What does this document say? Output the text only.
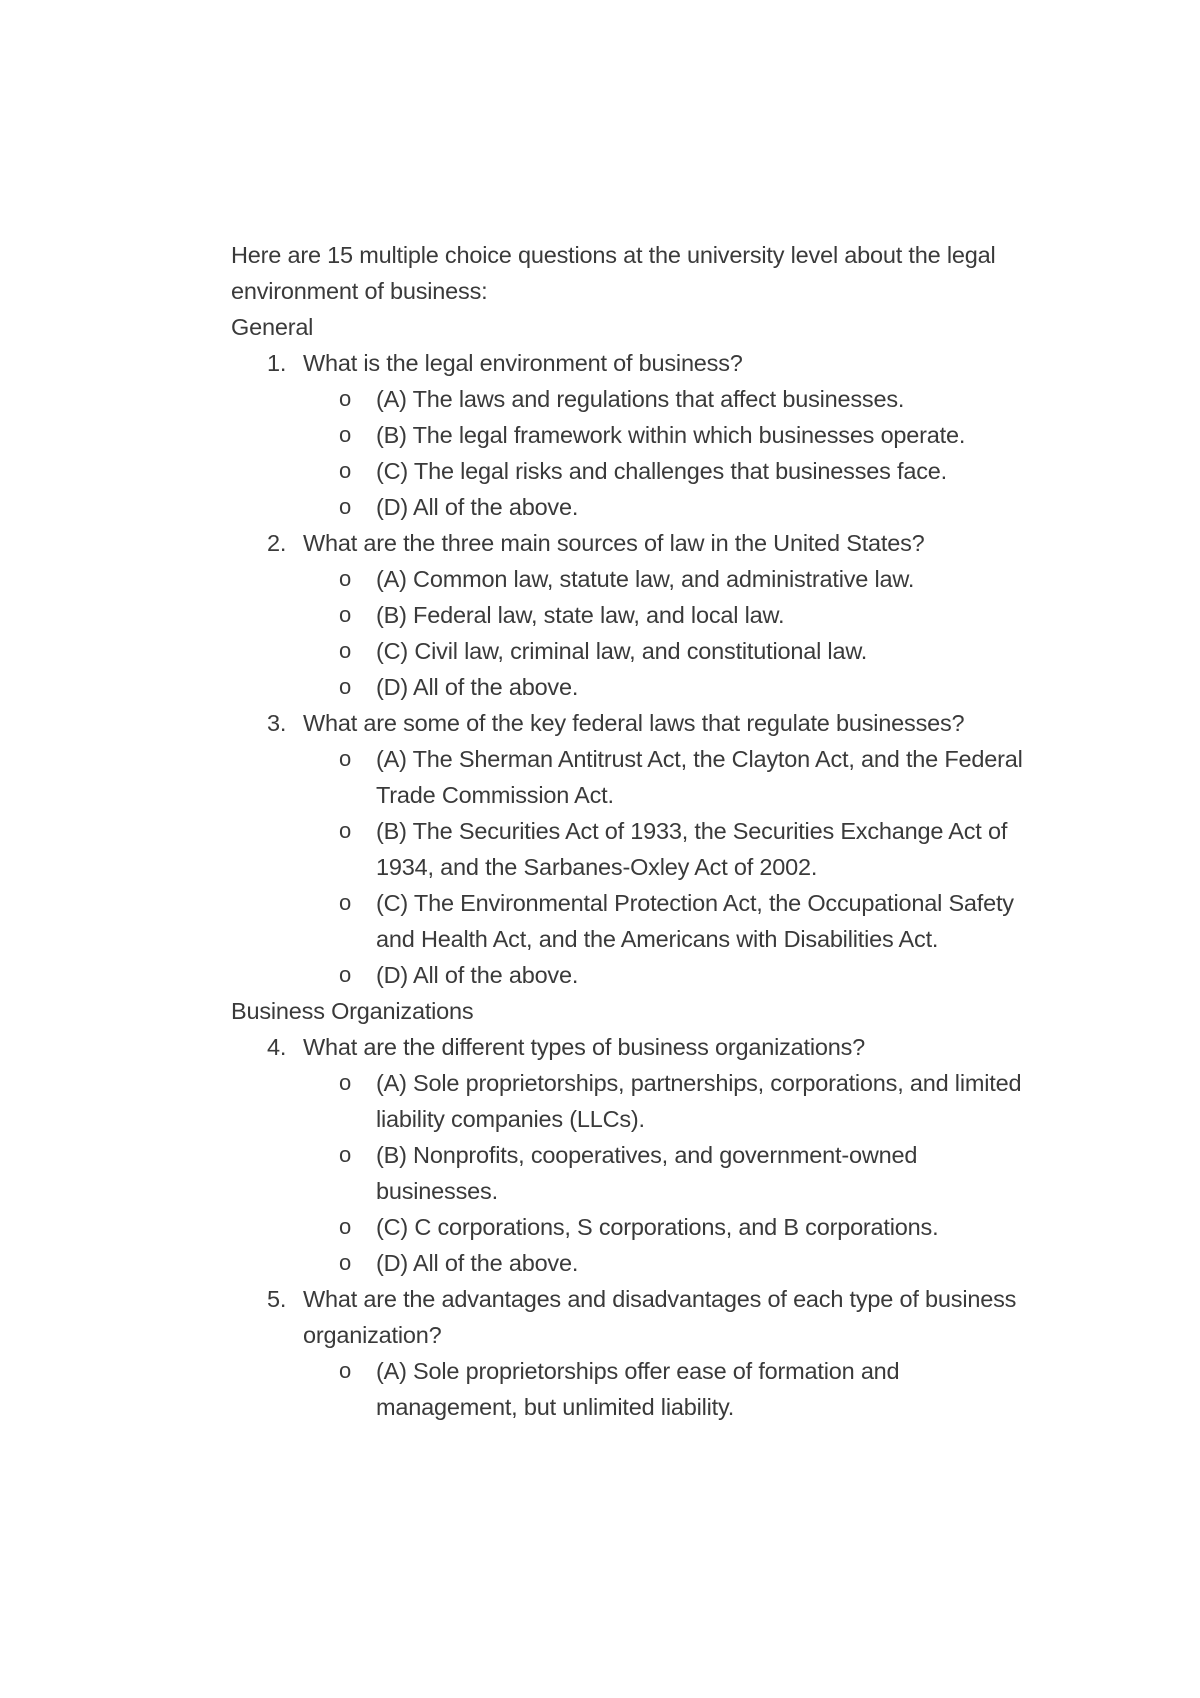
Here are 15 multiple choice questions at the university level about the legal environment of business:

General

1. What is the legal environment of business?
o (A) The laws and regulations that affect businesses.
o (B) The legal framework within which businesses operate.
o (C) The legal risks and challenges that businesses face.
o (D) All of the above.
2. What are the three main sources of law in the United States?
o (A) Common law, statute law, and administrative law.
o (B) Federal law, state law, and local law.
o (C) Civil law, criminal law, and constitutional law.
o (D) All of the above.
3. What are some of the key federal laws that regulate businesses?
o (A) The Sherman Antitrust Act, the Clayton Act, and the Federal Trade Commission Act.
o (B) The Securities Act of 1933, the Securities Exchange Act of 1934, and the Sarbanes-Oxley Act of 2002.
o (C) The Environmental Protection Act, the Occupational Safety and Health Act, and the Americans with Disabilities Act.
o (D) All of the above.

Business Organizations

4. What are the different types of business organizations?
o (A) Sole proprietorships, partnerships, corporations, and limited liability companies (LLCs).
o (B) Nonprofits, cooperatives, and government-owned businesses.
o (C) C corporations, S corporations, and B corporations.
o (D) All of the above.
5. What are the advantages and disadvantages of each type of business organization?
o (A) Sole proprietorships offer ease of formation and management, but unlimited liability.
